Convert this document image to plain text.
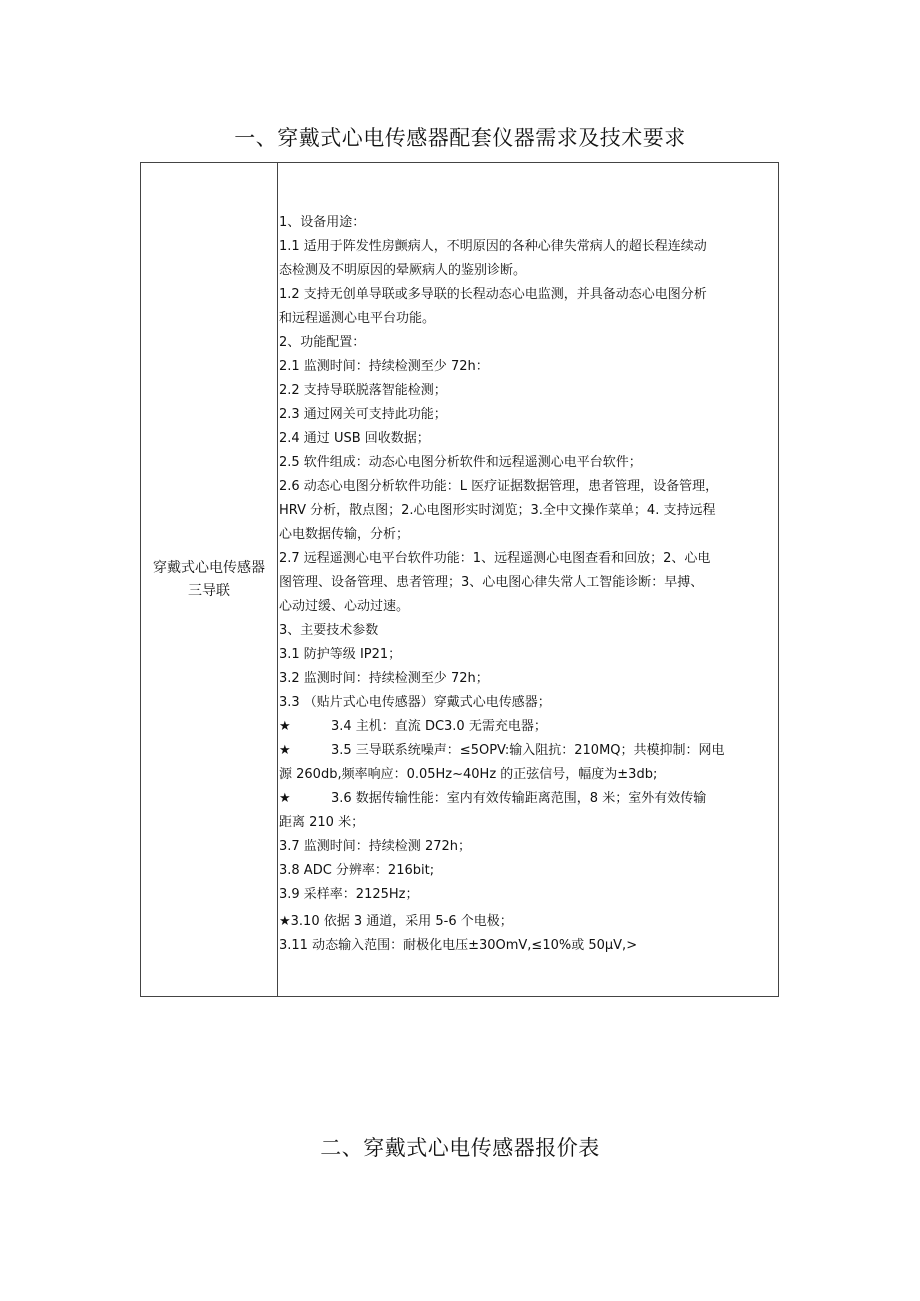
一、穿戴式心电传感器配套仪器需求及技术要求
穿戴式心电传感器
三导联

1、设备用途：
1.1 适用于阵发性房颤病人，不明原因的各种心律失常病人的超长程连续动
态检测及不明原因的晕厥病人的鉴别诊断。
1.2 支持无创单导联或多导联的长程动态心电监测，并具备动态心电图分析
和远程遥测心电平台功能。
2、功能配置：
2.1 监测时间：持续检测至少 72h：
2.2 支持导联脱落智能检测；
2.3 通过网关可支持此功能；
2.4 通过 USB 回收数据；
2.5 软件组成：动态心电图分析软件和远程遥测心电平台软件；
2.6 动态心电图分析软件功能：L 医疗证据数据管理，患者管理，设备管理，
HRV 分析，散点图；2.心电图形实时浏览；3.全中文操作菜单；4. 支持远程
心电数据传输，分析；
2.7 远程遥测心电平台软件功能：1、远程遥测心电图查看和回放；2、心电
图管理、设备管理、患者管理；3、心电图心律失常人工智能诊断：早搏、
心动过缓、心动过速。
3、主要技术参数
3.1 防护等级 IP21；
3.2 监测时间：持续检测至少 72h；
3.3 （贴片式心电传感器）穿戴式心电传感器；
★	3.4 主机：直流 DC3.0 无需充电器；
★	3.5 三导联系统噪声：≤5OPV:输入阻抗：210MQ；共模抑制：网电
源 260db,频率响应：0.05Hz~40Hz 的正弦信号，幅度为±3db;
★	3.6 数据传输性能：室内有效传输距离范围，8 米；室外有效传输
距离 210 米；
3.7 监测时间：持续检测 272h；
3.8 ADC 分辨率：216bit;
3.9 采样率：2125Hz；
★3.10 依据 3 通道，采用 5-6 个电极；
3.11 动态输入范围：耐极化电压±30OmV,≤10%或 50μV,>
二、穿戴式心电传感器报价表
